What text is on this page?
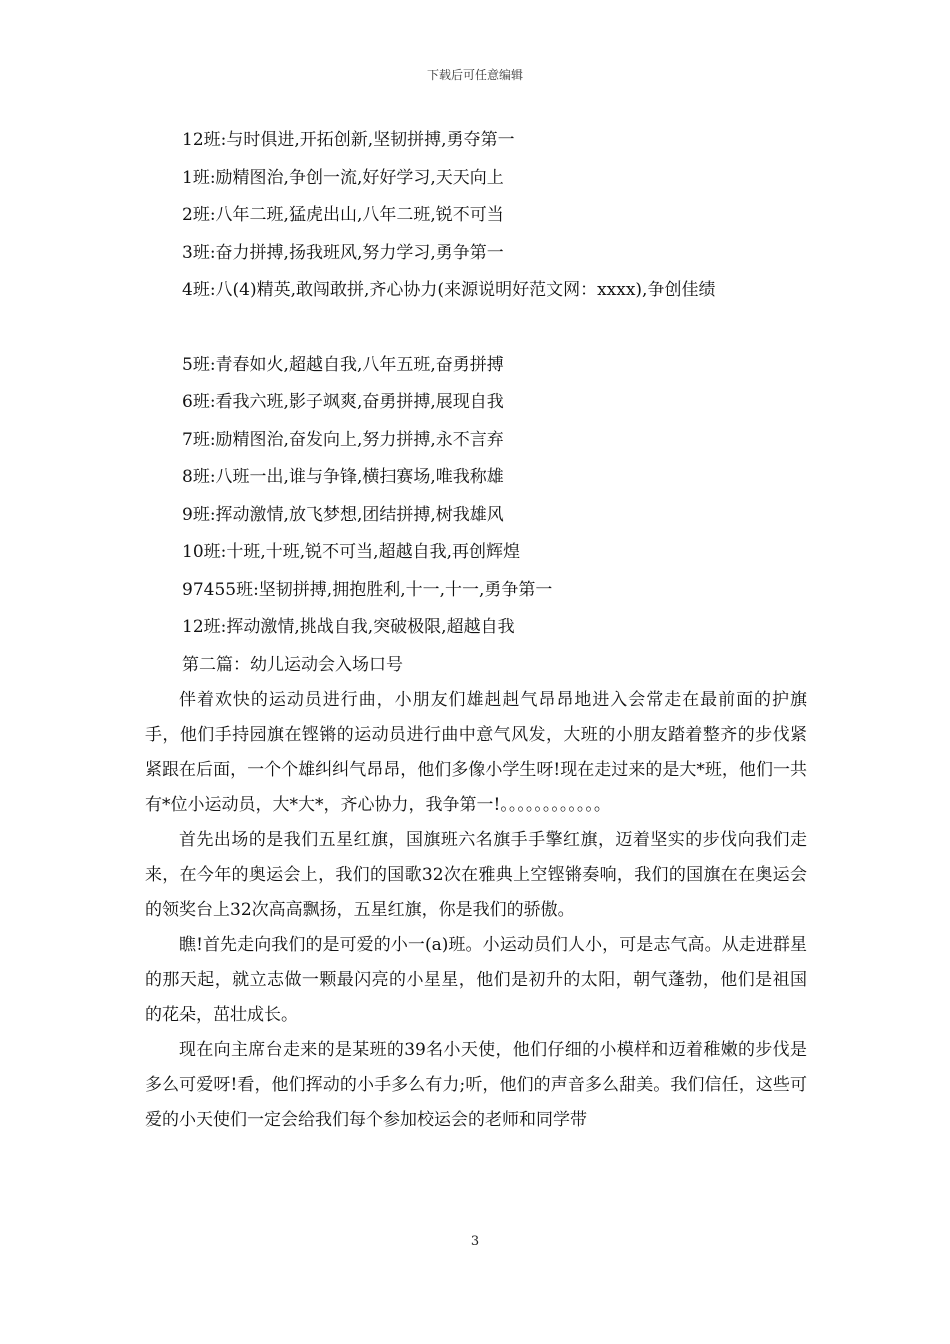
下载后可任意编辑
12班:与时俱进,开拓创新,坚韧拼搏,勇夺第一
1班:励精图治,争创一流,好好学习,天天向上
2班:八年二班,猛虎出山,八年二班,锐不可当
3班:奋力拼搏,扬我班风,努力学习,勇争第一
4班:八(4)精英,敢闯敢拼,齐心协力(来源说明好范文网：xxxx),争创佳绩
5班:青春如火,超越自我,八年五班,奋勇拼搏
6班:看我六班,影子飒爽,奋勇拼搏,展现自我
7班:励精图治,奋发向上,努力拼搏,永不言弃
8班:八班一出,谁与争锋,横扫赛场,唯我称雄
9班:挥动激情,放飞梦想,团结拼搏,树我雄风
10班:十班,十班,锐不可当,超越自我,再创辉煌
97455班:坚韧拼搏,拥抱胜利,十一,十一,勇争第一
12班:挥动激情,挑战自我,突破极限,超越自我
第二篇：幼儿运动会入场口号

伴着欢快的运动员进行曲，小朋友们雄赳赳气昂昂地进入会常走在最前面的护旗手，他们手持园旗在铿锵的运动员进行曲中意气风发，大班的小朋友踏着整齐的步伐紧紧跟在后面，一个个雄纠纠气昂昂，他们多像小学生呀!现在走过来的是大*班，他们一共有*位小运动员，大*大*，齐心协力，我争第一!。。。。。。。。。。。。

首先出场的是我们五星红旗，国旗班六名旗手手擎红旗，迈着坚实的步伐向我们走来，在今年的奥运会上，我们的国歌32次在雅典上空铿锵奏响，我们的国旗在在奥运会的领奖台上32次高高飘扬，五星红旗，你是我们的骄傲。

瞧!首先走向我们的是可爱的小一(a)班。小运动员们人小，可是志气高。从走进群星的那天起，就立志做一颗最闪亮的小星星，他们是初升的太阳，朝气蓬勃，他们是祖国的花朵，茁壮成长。

现在向主席台走来的是某班的39名小天使，他们仔细的小模样和迈着稚嫩的步伐是多么可爱呀!看，他们挥动的小手多么有力;听，他们的声音多么甜美。我们信任，这些可爱的小天使们一定会给我们每个参加校运会的老师和同学带

3
